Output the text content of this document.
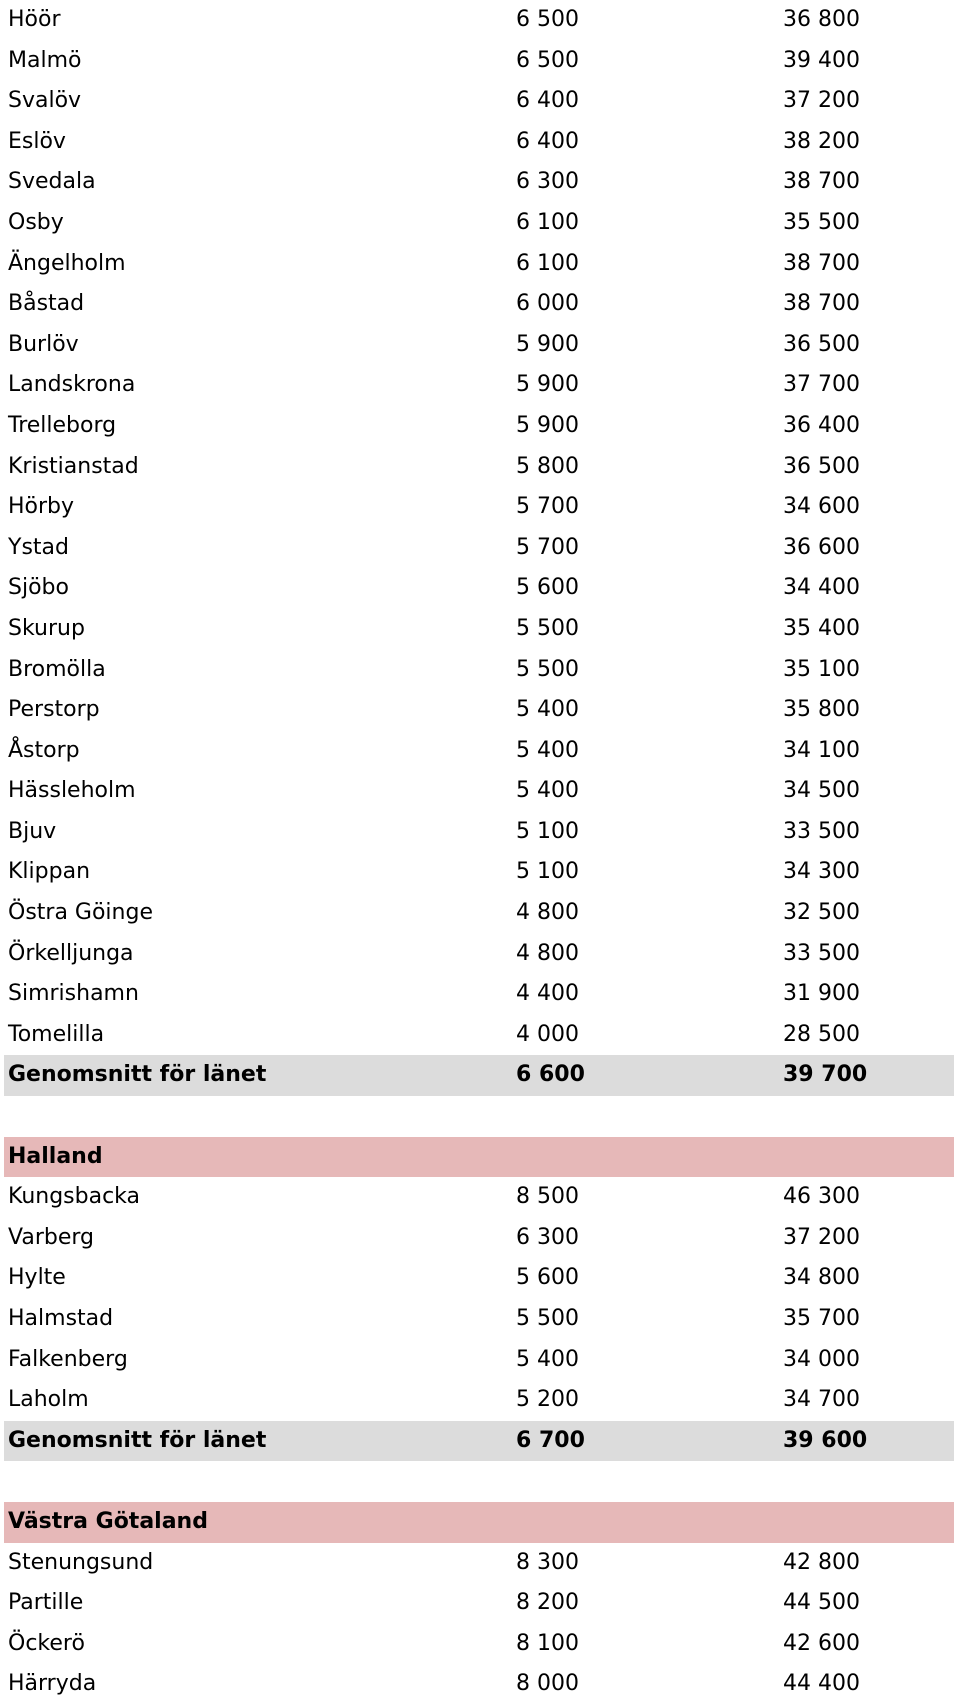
Höör	6 500	36 800
Malmö	6 500	39 400
Svalöv	6 400	37 200
Eslöv	6 400	38 200
Svedala	6 300	38 700
Osby	6 100	35 500
Ängelholm	6 100	38 700
Båstad	6 000	38 700
Burlöv	5 900	36 500
Landskrona	5 900	37 700
Trelleborg	5 900	36 400
Kristianstad	5 800	36 500
Hörby	5 700	34 600
Ystad	5 700	36 600
Sjöbo	5 600	34 400
Skurup	5 500	35 400
Bromölla	5 500	35 100
Perstorp	5 400	35 800
Åstorp	5 400	34 100
Hässleholm	5 400	34 500
Bjuv	5 100	33 500
Klippan	5 100	34 300
Östra Göinge	4 800	32 500
Örkelljunga	4 800	33 500
Simrishamn	4 400	31 900
Tomelilla	4 000	28 500
Genomsnitt för länet	6 600	39 700
Halland
Kungsbacka	8 500	46 300
Varberg	6 300	37 200
Hylte	5 600	34 800
Halmstad	5 500	35 700
Falkenberg	5 400	34 000
Laholm	5 200	34 700
Genomsnitt för länet	6 700	39 600
Västra Götaland
Stenungsund	8 300	42 800
Partille	8 200	44 500
Öckerö	8 100	42 600
Härryda	8 000	44 400
